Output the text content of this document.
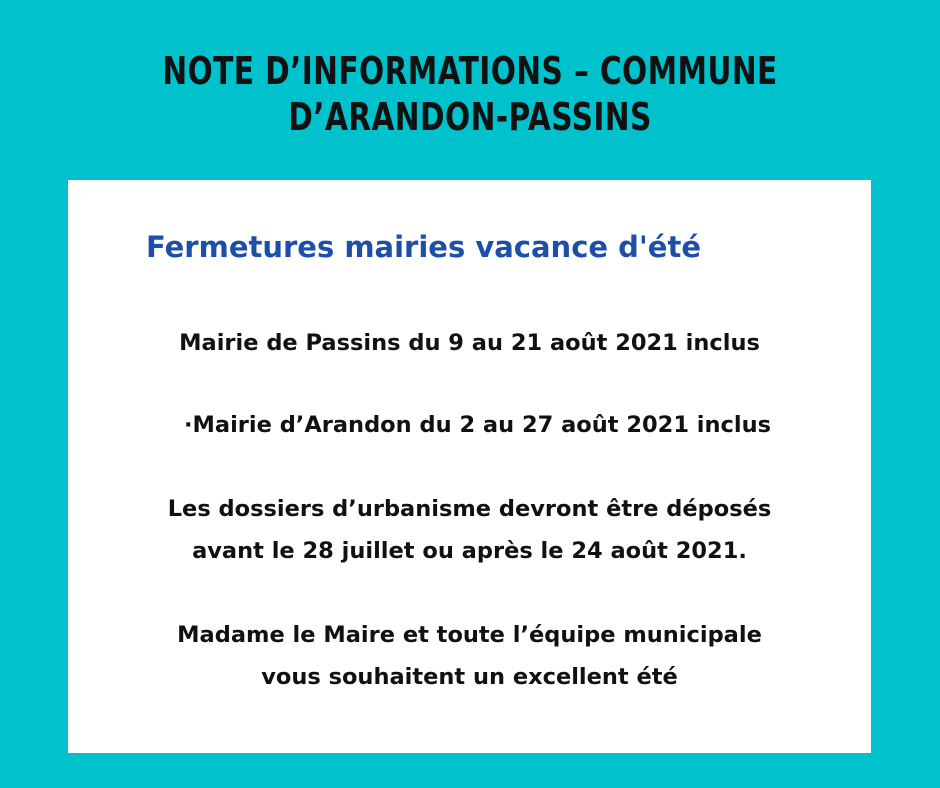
NOTE D’INFORMATIONS – COMMUNE
D’ARANDON-PASSINS
Fermetures mairies vacance d'été
Mairie de Passins du 9 au 21 août 2021 inclus
·Mairie d’Arandon du 2 au 27 août 2021 inclus
Les dossiers d’urbanisme devront être déposés
avant le 28 juillet ou après le 24 août 2021.
Madame le Maire et toute l’équipe municipale
vous souhaitent un excellent été
